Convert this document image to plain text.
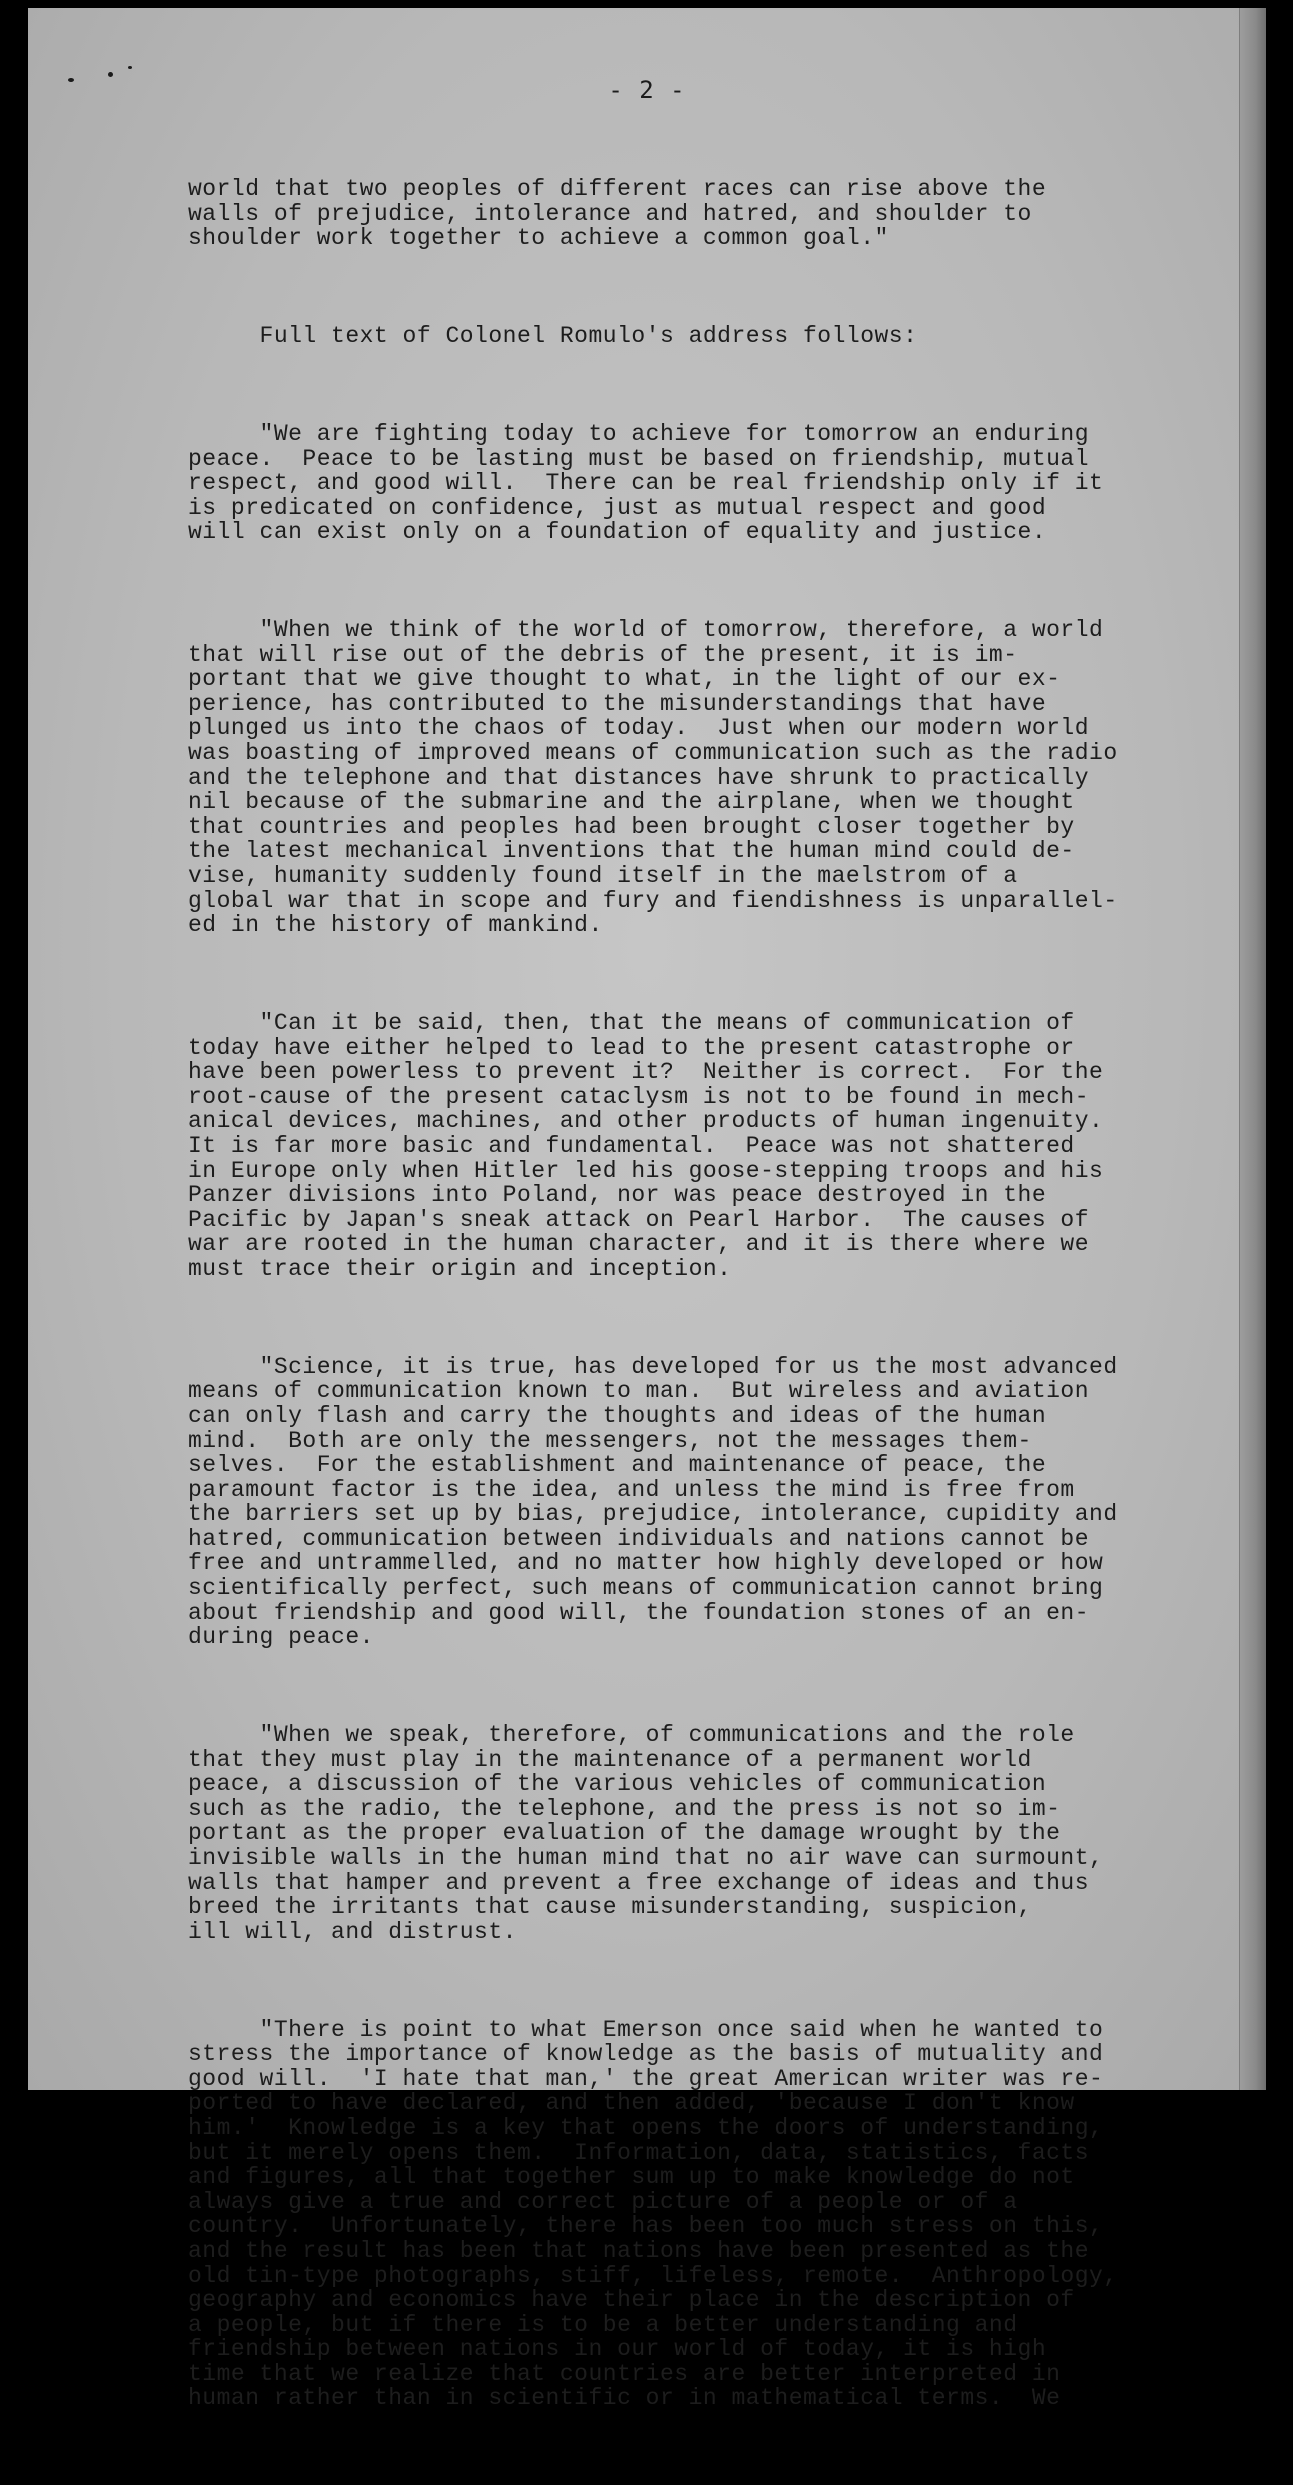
- 2 -

world that two peoples of different races can rise above the
walls of prejudice, intolerance and hatred, and shoulder to
shoulder work together to achieve a common goal."

Full text of Colonel Romulo's address follows:

"We are fighting today to achieve for tomorrow an enduring
peace.  Peace to be lasting must be based on friendship, mutual
respect, and good will.  There can be real friendship only if it
is predicated on confidence, just as mutual respect and good
will can exist only on a foundation of equality and justice.

"When we think of the world of tomorrow, therefore, a world
that will rise out of the debris of the present, it is im-
portant that we give thought to what, in the light of our ex-
perience, has contributed to the misunderstandings that have
plunged us into the chaos of today.  Just when our modern world
was boasting of improved means of communication such as the radio
and the telephone and that distances have shrunk to practically
nil because of the submarine and the airplane, when we thought
that countries and peoples had been brought closer together by
the latest mechanical inventions that the human mind could de-
vise, humanity suddenly found itself in the maelstrom of a
global war that in scope and fury and fiendishness is unparallel-
ed in the history of mankind.

"Can it be said, then, that the means of communication of
today have either helped to lead to the present catastrophe or
have been powerless to prevent it?  Neither is correct.  For the
root-cause of the present cataclysm is not to be found in mech-
anical devices, machines, and other products of human ingenuity.
It is far more basic and fundamental.  Peace was not shattered
in Europe only when Hitler led his goose-stepping troops and his
Panzer divisions into Poland, nor was peace destroyed in the
Pacific by Japan's sneak attack on Pearl Harbor.  The causes of
war are rooted in the human character, and it is there where we
must trace their origin and inception.

"Science, it is true, has developed for us the most advanced
means of communication known to man.  But wireless and aviation
can only flash and carry the thoughts and ideas of the human
mind.  Both are only the messengers, not the messages them-
selves.  For the establishment and maintenance of peace, the
paramount factor is the idea, and unless the mind is free from
the barriers set up by bias, prejudice, intolerance, cupidity and
hatred, communication between individuals and nations cannot be
free and untrammelled, and no matter how highly developed or how
scientifically perfect, such means of communication cannot bring
about friendship and good will, the foundation stones of an en-
during peace.

"When we speak, therefore, of communications and the role
that they must play in the maintenance of a permanent world
peace, a discussion of the various vehicles of communication
such as the radio, the telephone, and the press is not so im-
portant as the proper evaluation of the damage wrought by the
invisible walls in the human mind that no air wave can surmount,
walls that hamper and prevent a free exchange of ideas and thus
breed the irritants that cause misunderstanding, suspicion,
ill will, and distrust.

"There is point to what Emerson once said when he wanted to
stress the importance of knowledge as the basis of mutuality and
good will.  'I hate that man,' the great American writer was re-
ported to have declared, and then added, 'because I don't know
him.'  Knowledge is a key that opens the doors of understanding,
but it merely opens them.  Information, data, statistics, facts
and figures, all that together sum up to make knowledge do not
always give a true and correct picture of a people or of a
country.  Unfortunately, there has been too much stress on this,
and the result has been that nations have been presented as the
old tin-type photographs, stiff, lifeless, remote.  Anthropology,
geography and economics have their place in the description of
a people, but if there is to be a better understanding and
friendship between nations in our world of today, it is high
time that we realize that countries are better interpreted in
human rather than in scientific or in mathematical terms.  We
